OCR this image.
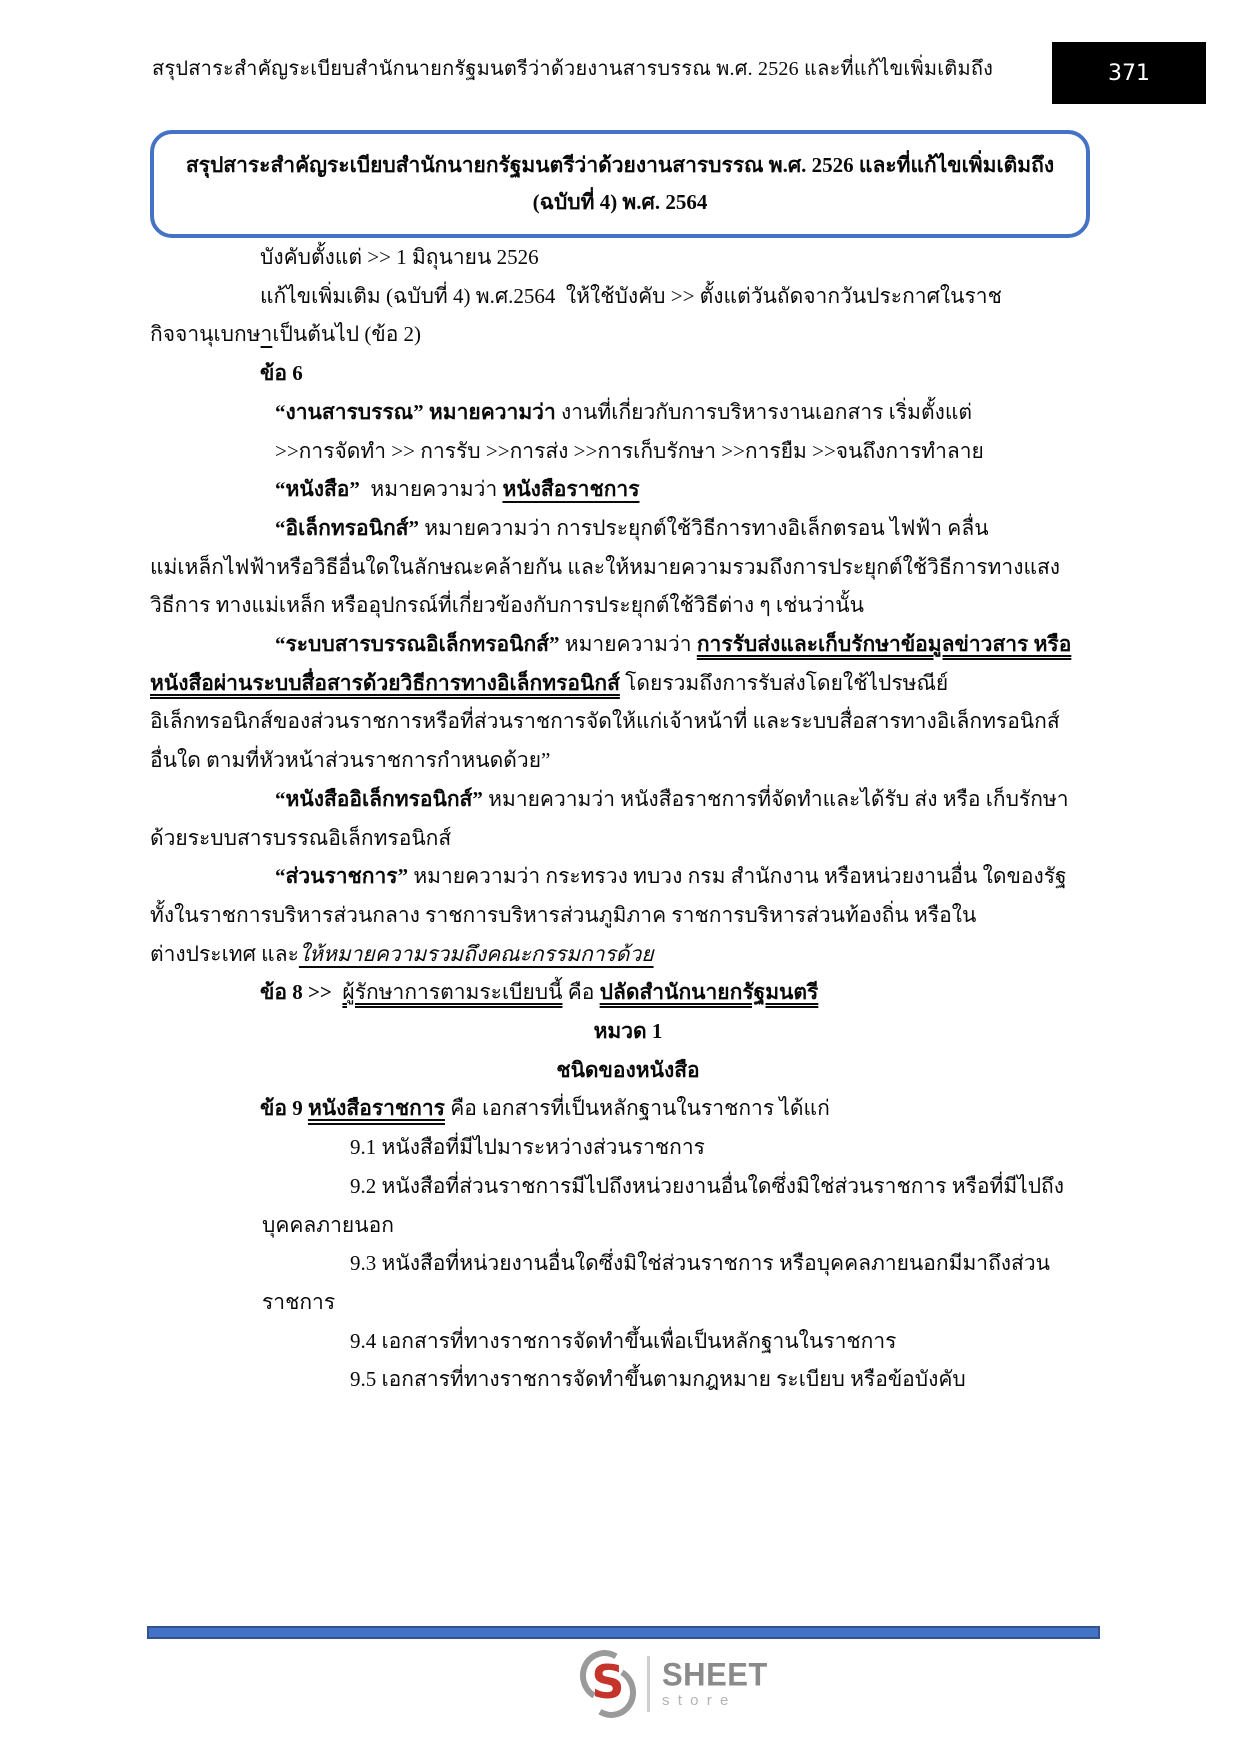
สรุปสาระสำคัญระเบียบสำนักนายกรัฐมนตรีว่าด้วยงานสารบรรณ พ.ศ. 2526 และที่แก้ไขเพิ่มเติมถึง	371
สรุปสาระสำคัญระเบียบสำนักนายกรัฐมนตรีว่าด้วยงานสารบรรณ พ.ศ. 2526 และที่แก้ไขเพิ่มเติมถึง
(ฉบับที่ 4) พ.ศ. 2564
บังคับตั้งแต่ >> 1 มิถุนายน 2526
แก้ไขเพิ่มเติม (ฉบับที่ 4) พ.ศ.2564  ให้ใช้บังคับ >> ตั้งแต่วันถัดจากวันประกาศในราช
กิจจานุเบกษาเป็นต้นไป (ข้อ 2)
ข้อ 6
“งานสารบรรณ” หมายความว่า งานที่เกี่ยวกับการบริหารงานเอกสาร เริ่มตั้งแต่
>>การจัดทำ >> การรับ >>การส่ง >>การเก็บรักษา >>การยืม >>จนถึงการทำลาย
“หนังสือ”  หมายความว่า หนังสือราชการ
“อิเล็กทรอนิกส์” หมายความว่า การประยุกต์ใช้วิธีการทางอิเล็กตรอน ไฟฟ้า คลื่น
แม่เหล็กไฟฟ้าหรือวิธีอื่นใดในลักษณะคล้ายกัน และให้หมายความรวมถึงการประยุกต์ใช้วิธีการทางแสง
วิธีการ ทางแม่เหล็ก หรืออุปกรณ์ที่เกี่ยวข้องกับการประยุกต์ใช้วิธีต่าง ๆ เช่นว่านั้น
“ระบบสารบรรณอิเล็กทรอนิกส์” หมายความว่า การรับส่งและเก็บรักษาข้อมูลข่าวสาร หรือ
หนังสือผ่านระบบสื่อสารด้วยวิธีการทางอิเล็กทรอนิกส์ โดยรวมถึงการรับส่งโดยใช้ไปรษณีย์
อิเล็กทรอนิกส์ของส่วนราชการหรือที่ส่วนราชการจัดให้แก่เจ้าหน้าที่ และระบบสื่อสารทางอิเล็กทรอนิกส์
อื่นใด ตามที่หัวหน้าส่วนราชการกำหนดด้วย”
“หนังสืออิเล็กทรอนิกส์” หมายความว่า หนังสือราชการที่จัดทำและได้รับ ส่ง หรือ เก็บรักษา
ด้วยระบบสารบรรณอิเล็กทรอนิกส์
“ส่วนราชการ” หมายความว่า กระทรวง ทบวง กรม สำนักงาน หรือหน่วยงานอื่น ใดของรัฐ
ทั้งในราชการบริหารส่วนกลาง ราชการบริหารส่วนภูมิภาค ราชการบริหารส่วนท้องถิ่น หรือใน
ต่างประเทศ และให้หมายความรวมถึงคณะกรรมการด้วย
ข้อ 8 >> ผู้รักษาการตามระเบียบนี้ คือ ปลัดสำนักนายกรัฐมนตรี
หมวด 1
ชนิดของหนังสือ
ข้อ 9 หนังสือราชการ คือ เอกสารที่เป็นหลักฐานในราชการ ได้แก่
9.1 หนังสือที่มีไปมาระหว่างส่วนราชการ
9.2 หนังสือที่ส่วนราชการมีไปถึงหน่วยงานอื่นใดซึ่งมิใช่ส่วนราชการ หรือที่มีไปถึง
บุคคลภายนอก
9.3 หนังสือที่หน่วยงานอื่นใดซึ่งมิใช่ส่วนราชการ หรือบุคคลภายนอกมีมาถึงส่วน
ราชการ
9.4 เอกสารที่ทางราชการจัดทำขึ้นเพื่อเป็นหลักฐานในราชการ
9.5 เอกสารที่ทางราชการจัดทำขึ้นตามกฎหมาย ระเบียบ หรือข้อบังคับ
S SHEET
store
